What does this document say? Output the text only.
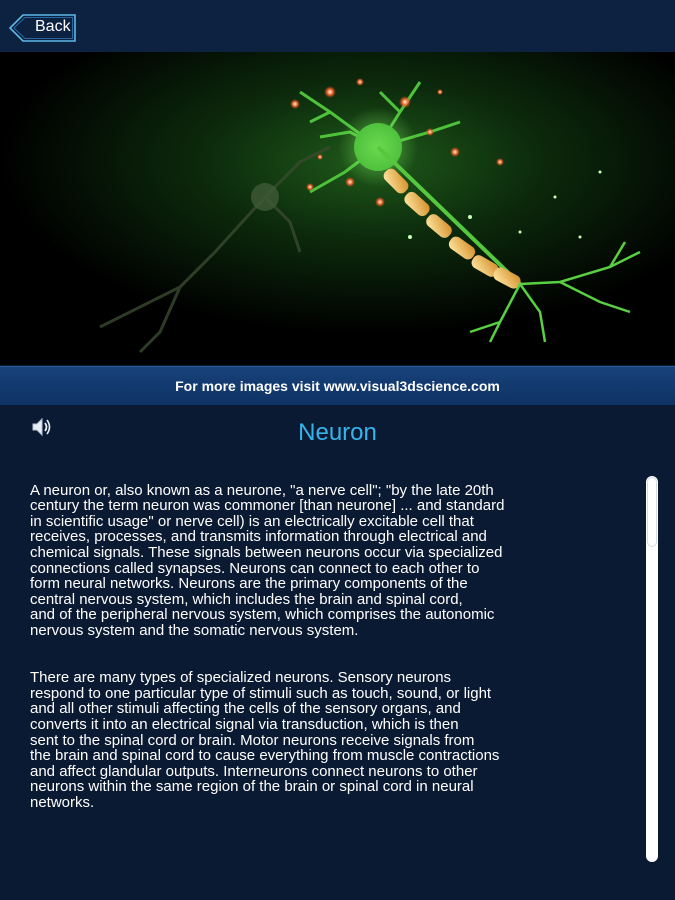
Back
For more images visit www.visual3dscience.com
Neuron

A neuron or, also known as a neurone, "a nerve cell"; "by the late 20th
century the term neuron was commoner [than neurone] ... and standard
in scientific usage" or nerve cell) is an electrically excitable cell that
receives, processes, and transmits information through electrical and
chemical signals. These signals between neurons occur via specialized
connections called synapses. Neurons can connect to each other to
form neural networks. Neurons are the primary components of the
central nervous system, which includes the brain and spinal cord,
and of the peripheral nervous system, which comprises the autonomic
nervous system and the somatic nervous system.

There are many types of specialized neurons. Sensory neurons
respond to one particular type of stimuli such as touch, sound, or light
and all other stimuli affecting the cells of the sensory organs, and
converts it into an electrical signal via transduction, which is then
sent to the spinal cord or brain. Motor neurons receive signals from
the brain and spinal cord to cause everything from muscle contractions
and affect glandular outputs. Interneurons connect neurons to other
neurons within the same region of the brain or spinal cord in neural
networks.
